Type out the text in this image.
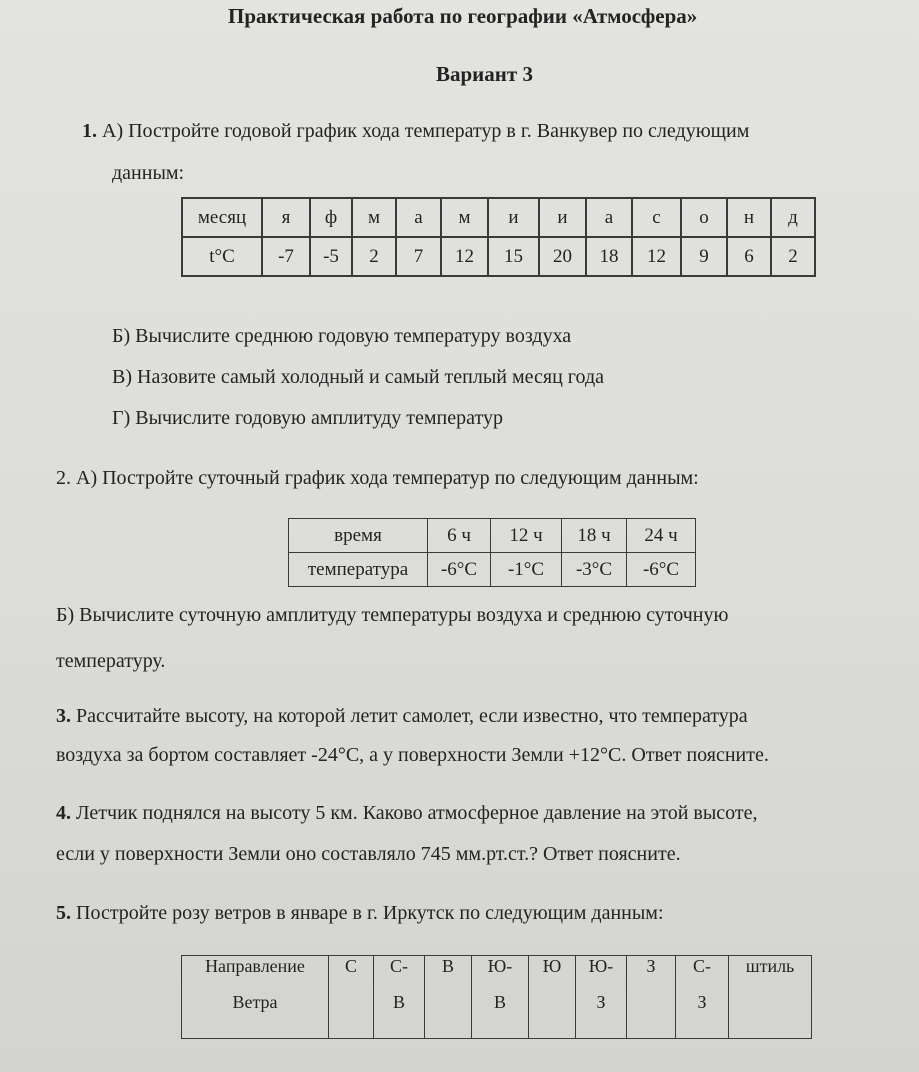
Практическая работа по географии «Атмосфера»
Вариант 3
1. А) Постройте годовой график хода температур в г. Ванкувер по следующим
данным:
месяц	я	ф	м	а	м	и	и	а	с	о	н	д
t°C	-7	-5	2	7	12	15	20	18	12	9	6	2
Б) Вычислите среднюю годовую температуру воздуха
В) Назовите самый холодный и самый теплый месяц года
Г) Вычислите годовую амплитуду температур
2. А) Постройте суточный график хода температур по следующим данным:
время	6 ч	12 ч	18 ч	24 ч
температура	-6°С	-1°С	-3°С	-6°С
Б) Вычислите суточную амплитуду температуры воздуха и среднюю суточную
температуру.
3. Рассчитайте высоту, на которой летит самолет, если известно, что температура
воздуха за бортом составляет -24°С, а у поверхности Земли +12°С. Ответ поясните.
4. Летчик поднялся на высоту 5 км. Каково атмосферное давление на этой высоте,
если у поверхности Земли оно составляло 745 мм.рт.ст.? Ответ поясните.
5. Постройте розу ветров в январе в г. Иркутск по следующим данным:
Направление	С	С-	В	Ю-	Ю	Ю-	З	С-	штиль
Ветра		В		В		З		З	
